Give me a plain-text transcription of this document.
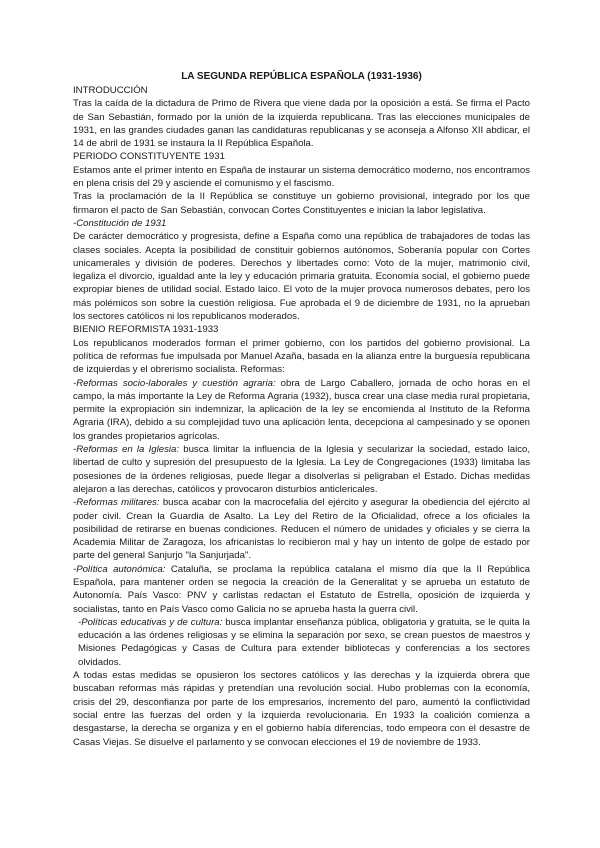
LA SEGUNDA REPÚBLICA ESPAÑOLA (1931-1936)

INTRODUCCIÓN

Tras la caída de la dictadura de Primo de Rivera que viene dada por la oposición a está. Se firma el Pacto de San Sebastián, formado por la unión de la izquierda republicana. Tras las elecciones municipales de 1931, en las grandes ciudades ganan las candidaturas republicanas y se aconseja a Alfonso XII abdicar, el 14 de abril de 1931 se instaura la II República Española.

PERIODO CONSTITUYENTE 1931

Estamos ante el primer intento en España de instaurar un sistema democrático moderno, nos encontramos en plena crisis del 29 y asciende el comunismo y el fascismo.

Tras la proclamación de la II República se constituye un gobierno provisional, integrado por los que firmaron el pacto de San Sebastián, convocan Cortes Constituyentes e inician la labor legislativa.

-Constitución de 1931

De carácter democrático y progresista, define a España como una república de trabajadores de todas las clases sociales. Acepta la posibilidad de constituir gobiernos autónomos, Soberanía popular con Cortes unicamerales y división de poderes. Derechos y libertades como: Voto de la mujer, matrimonio civil, legaliza el divorcio, igualdad ante la ley y educación primaria gratuita. Economía social, el gobierno puede expropiar bienes de utilidad social. Estado laico. El voto de la mujer provoca numerosos debates, pero los más polémicos son sobre la cuestión religiosa. Fue aprobada el 9 de diciembre de 1931, no la aprueban los sectores católicos ni los republicanos moderados.

BIENIO REFORMISTA 1931-1933

Los republicanos moderados forman el primer gobierno, con los partidos del gobierno provisional. La política de reformas fue impulsada por Manuel Azaña, basada en la alianza entre la burguesía republicana de izquierdas y el obrerismo socialista. Reformas:

-Reformas socio-laborales y cuestión agraria: obra de Largo Caballero, jornada de ocho horas en el campo, la más importante la Ley de Reforma Agraria (1932), busca crear una clase media rural propietaria, permite la expropiación sin indemnizar, la aplicación de la ley se encomienda al Instituto de la Reforma Agraria (IRA), debido a su complejidad tuvo una aplicación lenta, decepciona al campesinado y se oponen los grandes propietarios agrícolas.

-Reformas en la Iglesia: busca limitar la influencia de la Iglesia y secularizar la sociedad, estado laico, libertad de culto y supresión del presupuesto de la Iglesia. La Ley de Congregaciones (1933) limitaba las posesiones de la órdenes religiosas, puede llegar a disolverlas si peligraban el Estado. Dichas medidas alejaron a las derechas, católicos y provocaron disturbios anticlericales.

-Reformas militares: busca acabar con la macrocefalia del ejército y asegurar la obediencia del ejército al poder civil. Crean la Guardia de Asalto. La Ley del Retiro de la Oficialidad, ofrece a los oficiales la posibilidad de retirarse en buenas condiciones. Reducen el número de unidades y oficiales y se cierra la Academia Militar de Zaragoza, los africanistas lo recibieron mal y hay un intento de golpe de estado por parte del general Sanjurjo "la Sanjurjada".

-Política autonómica: Cataluña, se proclama la república catalana el mismo día que la II República Española, para mantener orden se negocia la creación de la Generalitat y se aprueba un estatuto de Autonomía. País Vasco: PNV y carlistas redactan el Estatuto de Estrella, oposición de izquierda y socialistas, tanto en País Vasco como Galicia no se aprueba hasta la guerra civil.

-Políticas educativas y de cultura: busca implantar enseñanza pública, obligatoria y gratuita, se le quita la educación a las órdenes religiosas y se elimina la separación por sexo, se crean puestos de maestros y Misiones Pedagógicas y Casas de Cultura para extender bibliotecas y conferencias a los sectores olvidados.

A todas estas medidas se opusieron los sectores católicos y las derechas y la izquierda obrera que buscaban reformas más rápidas y pretendían una revolución social. Hubo problemas con la economía, crisis del 29, desconfianza por parte de los empresarios, incremento del paro, aumentó la conflictividad social entre las fuerzas del orden y la izquierda revolucionaria. En 1933 la coalición comienza a desgastarse, la derecha se organiza y en el gobierno había diferencias, todo empeora con el desastre de Casas Viejas. Se disuelve el parlamento y se convocan elecciones el 19 de noviembre de 1933.
